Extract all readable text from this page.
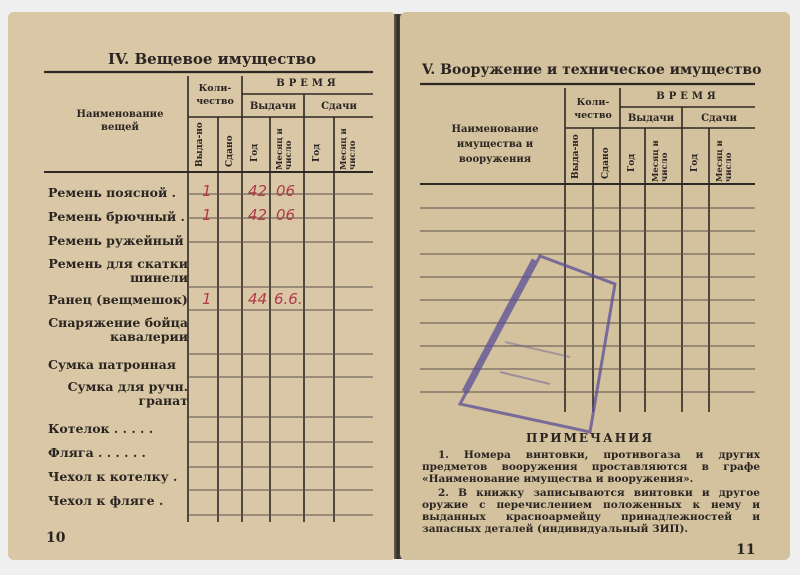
IV. Вещевое имущество
Наименование вещей
Коли-чество
ВРЕМЯ
Выдачи	Сдачи
Выда-но Сдано Год Месяц и число Год Месяц и число
Ремень поясной .
Ремень брючный .
Ремень ружейный
Ремень для скатки шинели
Ранец (вещмешок)
Снаряжение бойца кавалерии
Сумка патронная
Сумка для ручн. гранат
Котелок . . . . .
Фляга . . . . . .
Чехол к котелку .
Чехол к фляге .
1 42 06
1 42 06
1 44 6.6.
10
V. Вооружение и техническое имущество
Наименование имущества и вооружения
Коли-чество
ВРЕМЯ
Выдачи	Сдачи
Выда-но Сдано Год Месяц и число Год Месяц и число
ПРИМЕЧАНИЯ
1. Номера винтовки, противогаза и других предметов вооружения проставляются в графе «Наименование имущества и вооружения».
2. В книжку записываются винтовки и другое оружие с перечислением положенных к нему и выданных красноармейцу принадлежностей и запасных деталей (индивидуальный ЗИП).
11
